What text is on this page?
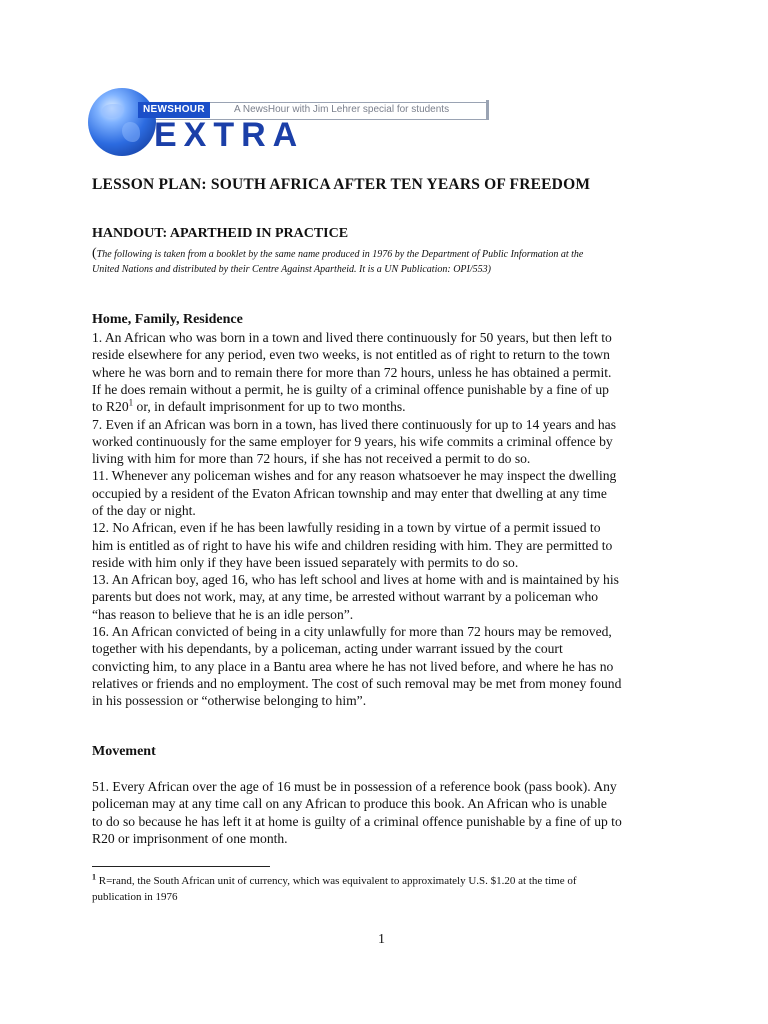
NEWSHOUR	A NewsHour with Jim Lehrer special for students
EXTRA
LESSON PLAN: SOUTH AFRICA AFTER TEN YEARS OF FREEDOM
HANDOUT: APARTHEID IN PRACTICE
(The following is taken from a booklet by the same name produced in 1976 by the Department of Public Information at the
United Nations and distributed by their Centre Against Apartheid. It is a UN Publication: OPI/553)
Home, Family, Residence
1. An African who was born in a town and lived there continuously for 50 years, but then left to
reside elsewhere for any period, even two weeks, is not entitled as of right to return to the town
where he was born and to remain there for more than 72 hours, unless he has obtained a permit.
If he does remain without a permit, he is guilty of a criminal offence punishable by a fine of up
to $R20^1$ or, in default imprisonment for up to two months.
7. Even if an African was born in a town, has lived there continuously for up to 14 years and has
worked continuously for the same employer for 9 years, his wife commits a criminal offence by
living with him for more than 72 hours, if she has not received a permit to do so.
11. Whenever any policeman wishes and for any reason whatsoever he may inspect the dwelling
occupied by a resident of the Evaton African township and may enter that dwelling at any time
of the day or night.
12. No African, even if he has been lawfully residing in a town by virtue of a permit issued to
him is entitled as of right to have his wife and children residing with him. They are permitted to
reside with him only if they have been issued separately with permits to do so.
13. An African boy, aged 16, who has left school and lives at home with and is maintained by his
parents but does not work, may, at any time, be arrested without warrant by a policeman who
“has reason to believe that he is an idle person”.
16. An African convicted of being in a city unlawfully for more than 72 hours may be removed,
together with his dependants, by a policeman, acting under warrant issued by the court
convicting him, to any place in a Bantu area where he has not lived before, and where he has no
relatives or friends and no employment. The cost of such removal may be met from money found
in his possession or “otherwise belonging to him”.
Movement
51. Every African over the age of 16 must be in possession of a reference book (pass book). Any
policeman may at any time call on any African to produce this book. An African who is unable
to do so because he has left it at home is guilty of a criminal offence punishable by a fine of up to
R20 or imprisonment of one month.
$^1$ R=rand, the South African unit of currency, which was equivalent to approximately U.S. $1.20 at the time of
publication in 1976
1
